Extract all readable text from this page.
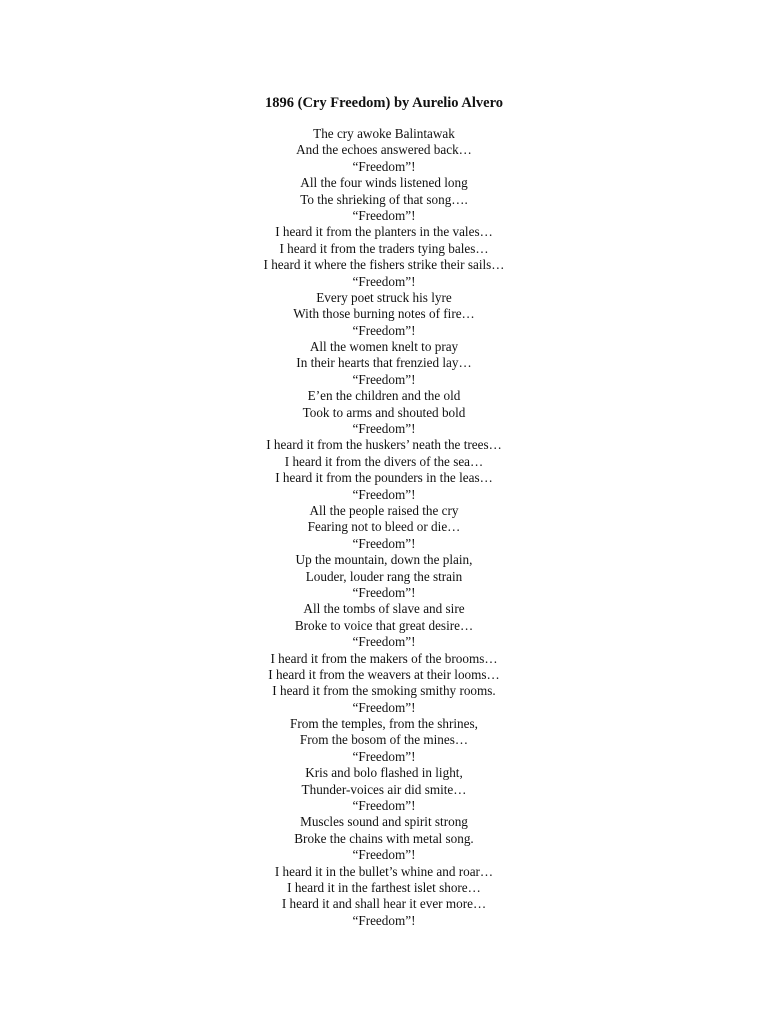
1896 (Cry Freedom) by Aurelio Alvero
The cry awoke Balintawak
And the echoes answered back…
“Freedom”!
All the four winds listened long
To the shrieking of that song….
“Freedom”!
I heard it from the planters in the vales…
I heard it from the traders tying bales…
I heard it where the fishers strike their sails…
“Freedom”!
Every poet struck his lyre
With those burning notes of fire…
“Freedom”!
All the women knelt to pray
In their hearts that frenzied lay…
“Freedom”!
E’en the children and the old
Took to arms and shouted bold
“Freedom”!
I heard it from the huskers’ neath the trees…
I heard it from the divers of the sea…
I heard it from the pounders in the leas…
“Freedom”!
All the people raised the cry
Fearing not to bleed or die…
“Freedom”!
Up the mountain, down the plain,
Louder, louder rang the strain
“Freedom”!
All the tombs of slave and sire
Broke to voice that great desire…
“Freedom”!
I heard it from the makers of the brooms…
I heard it from the weavers at their looms…
I heard it from the smoking smithy rooms.
“Freedom”!
From the temples, from the shrines,
From the bosom of the mines…
“Freedom”!
Kris and bolo flashed in light,
Thunder-voices air did smite…
“Freedom”!
Muscles sound and spirit strong
Broke the chains with metal song.
“Freedom”!
I heard it in the bullet’s whine and roar…
I heard it in the farthest islet shore…
I heard it and shall hear it ever more…
“Freedom”!
